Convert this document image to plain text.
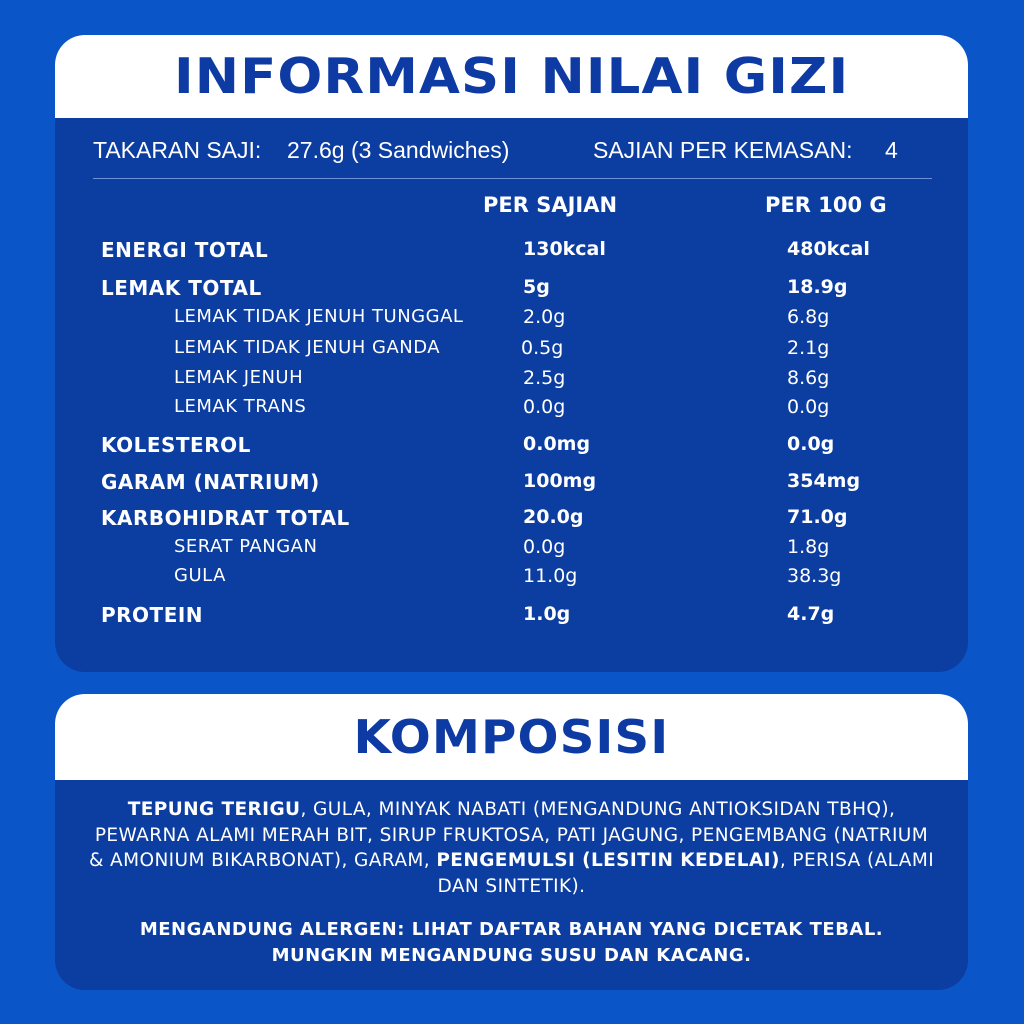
INFORMASI NILAI GIZI
TAKARAN SAJI: 27.6g (3 Sandwiches)	SAJIAN PER KEMASAN: 4
PER SAJIAN	PER 100 G
ENERGI TOTAL	130kcal	480kcal
LEMAK TOTAL	5g	18.9g
LEMAK TIDAK JENUH TUNGGAL	2.0g	6.8g
LEMAK TIDAK JENUH GANDA	0.5g	2.1g
LEMAK JENUH	2.5g	8.6g
LEMAK TRANS	0.0g	0.0g
KOLESTEROL	0.0mg	0.0g
GARAM (NATRIUM)	100mg	354mg
KARBOHIDRAT TOTAL	20.0g	71.0g
SERAT PANGAN	0.0g	1.8g
GULA	11.0g	38.3g
PROTEIN	1.0g	4.7g
KOMPOSISI
TEPUNG TERIGU, GULA, MINYAK NABATI (MENGANDUNG ANTIOKSIDAN TBHQ), PEWARNA ALAMI MERAH BIT, SIRUP FRUKTOSA, PATI JAGUNG, PENGEMBANG (NATRIUM & AMONIUM BIKARBONAT), GARAM, PENGEMULSI (LESITIN KEDELAI), PERISA (ALAMI DAN SINTETIK).
MENGANDUNG ALERGEN: LIHAT DAFTAR BAHAN YANG DICETAK TEBAL.
MUNGKIN MENGANDUNG SUSU DAN KACANG.
